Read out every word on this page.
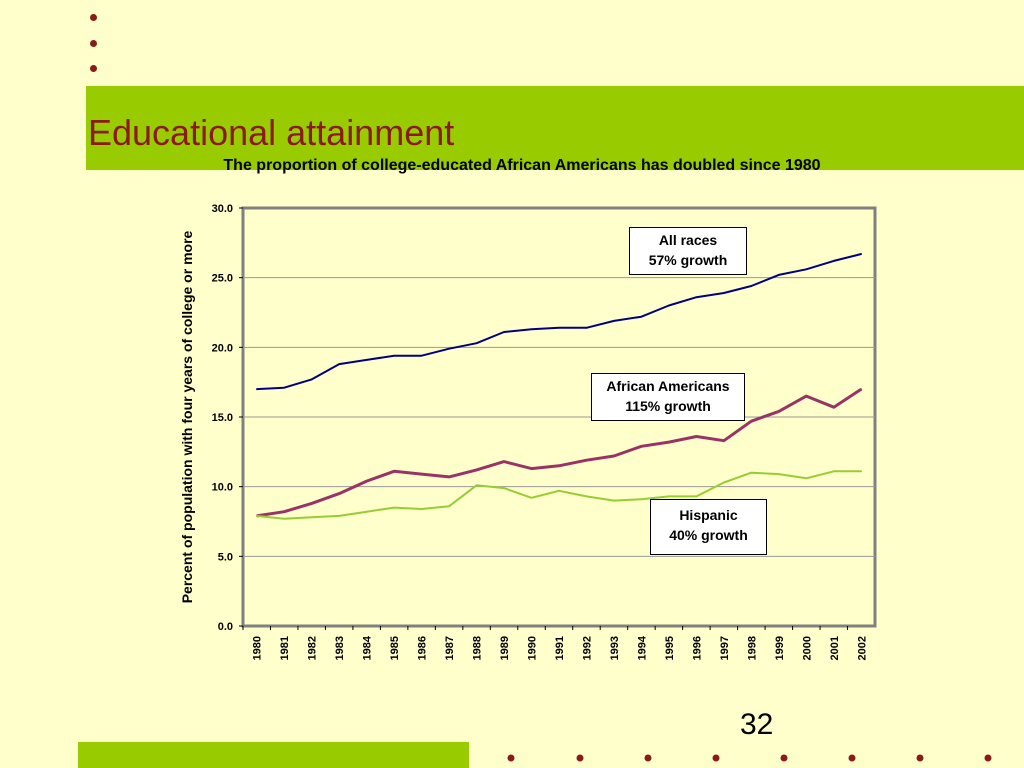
Educational attainment
The proportion of college-educated African Americans has doubled since 1980
0.0
5.0
10.0
15.0
20.0
25.0
30.0
1980 1981 1982 1983 1984 1985 1986 1987 1988 1989 1990 1991 1992 1993 1994 1995 1996 1997 1998 1999 2000 2001 2002
Percent of population with four years of college or more	All races
57% growth
African Americans
115% growth
Hispanic
40% growth
32
